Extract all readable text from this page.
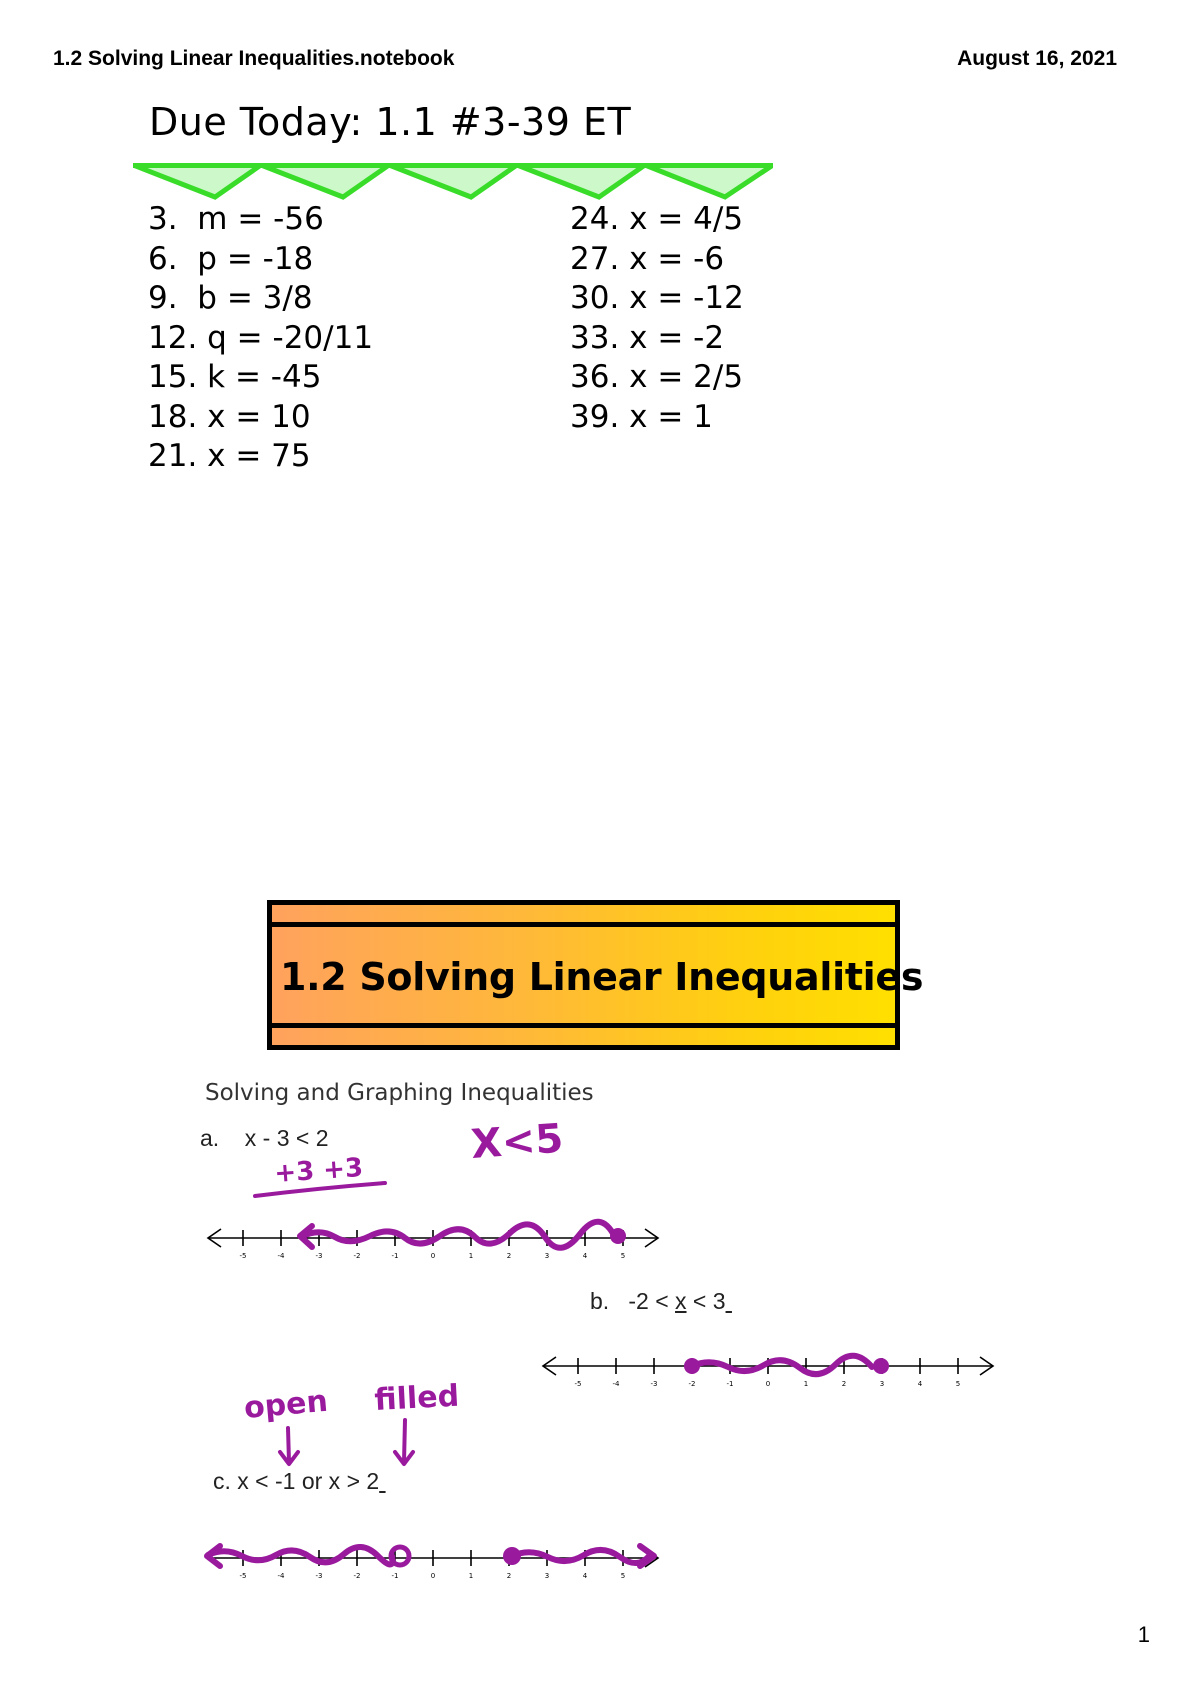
1.2 Solving Linear Inequalities.notebook	August 16, 2021
Due Today: 1.1 #3-39 ET
3.  m = -56
6.  p = -18
9.  b = 3/8
12. q = -20/11
15. k = -45
18. x = 10
21. x = 75
24. x = 4/5
27. x = -6
30. x = -12
33. x = -2
36. x = 2/5
39. x = 1
1.2 Solving Linear Inequalities
Solving and Graphing Inequalities
a. x - 3 < 2
b. -2 < x < 3
c. x < -1 or x > 2
-5	-4	-3	-2	-1	0	1	2	3	4	5
-5	-4	-3	-2	-1	0	1	2	3	4	5
-5	-4	-3	-2	-1	0	1	2	3	4	5
+3 +3
X<5
open filled
1
